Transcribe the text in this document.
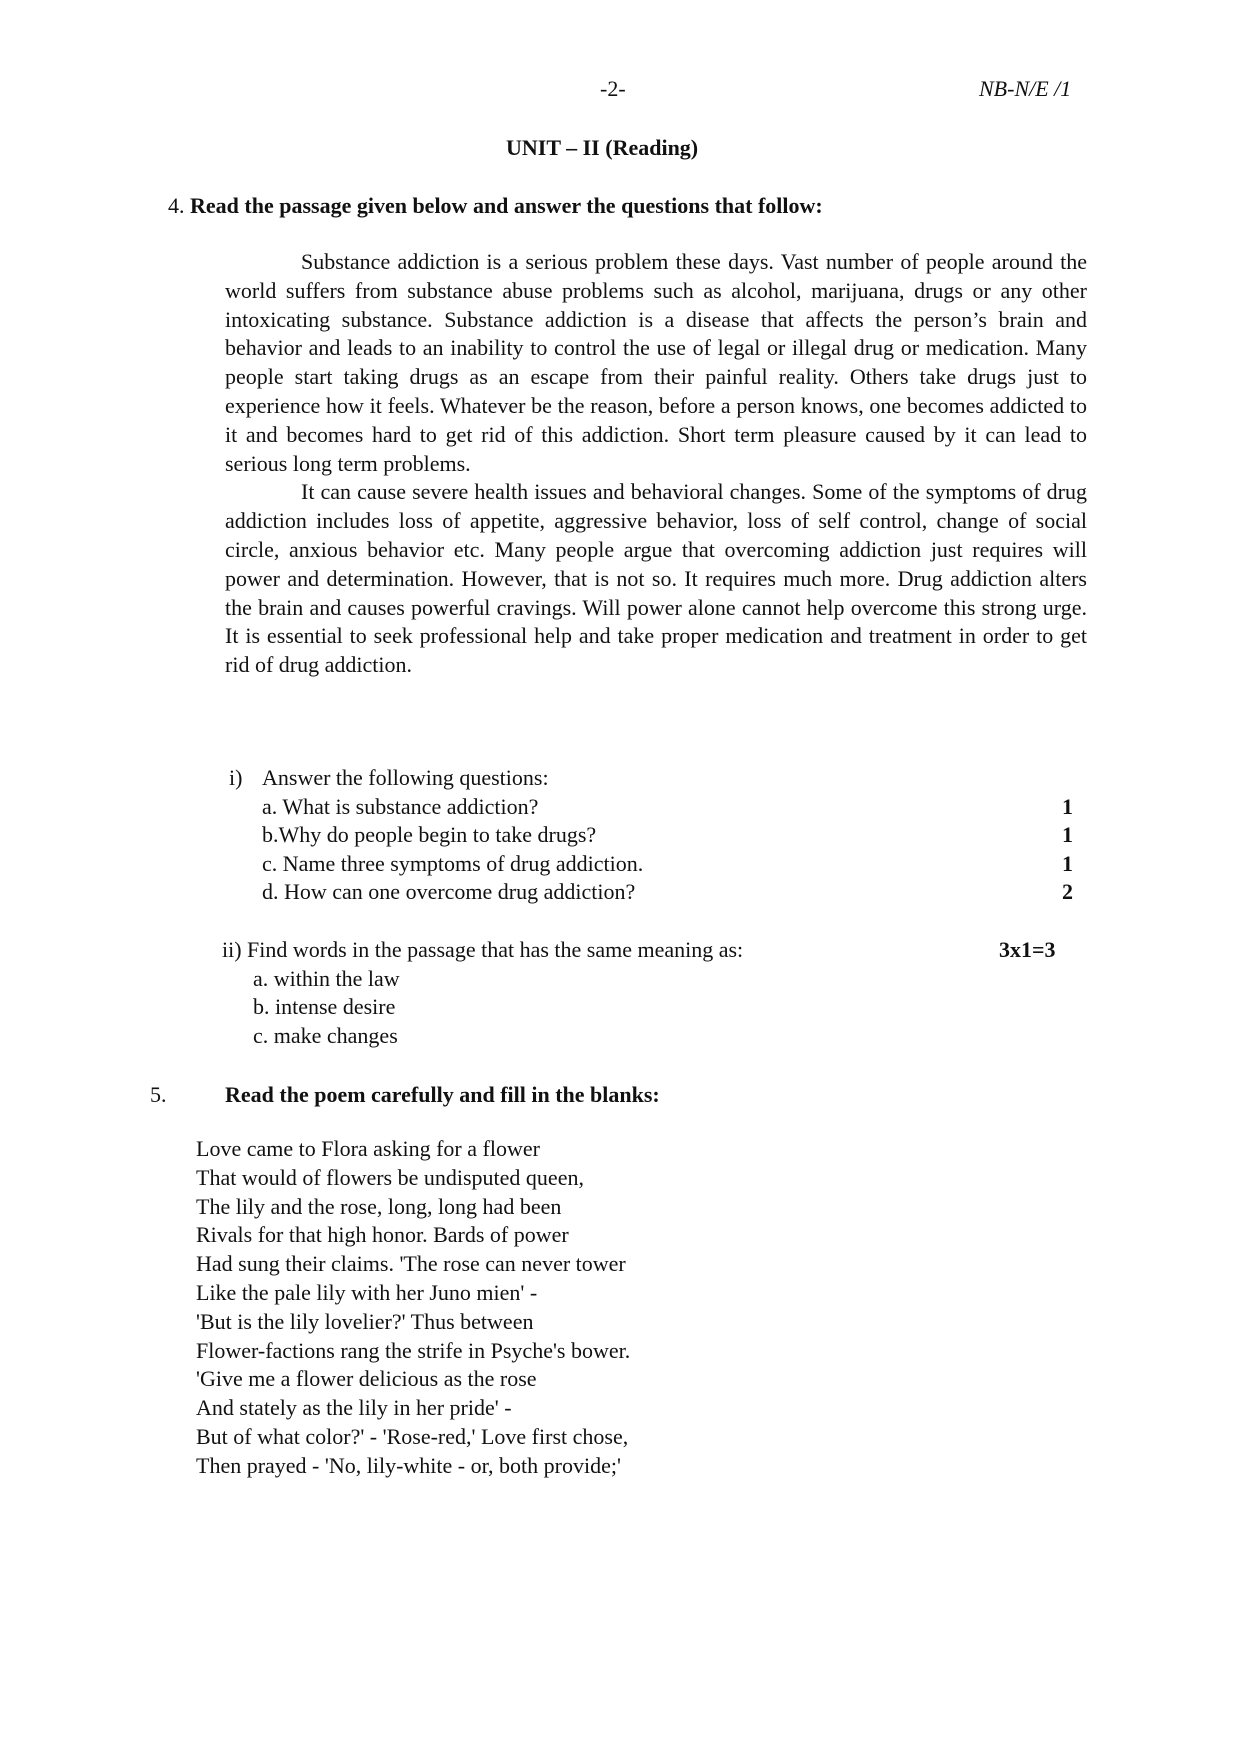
-2-	NB-N/E /1
UNIT – II (Reading)
4. Read the passage given below and answer the questions that follow:

Substance addiction is a serious problem these days. Vast number of people around the world suffers from substance abuse problems such as alcohol, marijuana, drugs or any other intoxicating substance. Substance addiction is a disease that affects the person’s brain and behavior and leads to an inability to control the use of legal or illegal drug or medication. Many people start taking drugs as an escape from their painful reality. Others take drugs just to experience how it feels. Whatever be the reason, before a person knows, one becomes addicted to it and becomes hard to get rid of this addiction. Short term pleasure caused by it can lead to serious long term problems.

It can cause severe health issues and behavioral changes. Some of the symptoms of drug addiction includes loss of appetite, aggressive behavior, loss of self control, change of social circle, anxious behavior etc. Many people argue that overcoming addiction just requires will power and determination. However, that is not so. It requires much more. Drug addiction alters the brain and causes powerful cravings. Will power alone cannot help overcome this strong urge. It is essential to seek professional help and take proper medication and treatment in order to get rid of drug addiction.

i) Answer the following questions:
a. What is substance addiction?	1
b.Why do people begin to take drugs?	1
c. Name three symptoms of drug addiction.	1
d. How can one overcome drug addiction?	2
ii) Find words in the passage that has the same meaning as:	3x1=3
a. within the law
b. intense desire
c. make changes
5.	Read the poem carefully and fill in the blanks:
Love came to Flora asking for a flower
That would of flowers be undisputed queen,
The lily and the rose, long, long had been
Rivals for that high honor. Bards of power
Had sung their claims. 'The rose can never tower
Like the pale lily with her Juno mien' -
'But is the lily lovelier?' Thus between
Flower-factions rang the strife in Psyche's bower.
'Give me a flower delicious as the rose
And stately as the lily in her pride' -
But of what color?' - 'Rose-red,' Love first chose,
Then prayed - 'No, lily-white - or, both provide;'
